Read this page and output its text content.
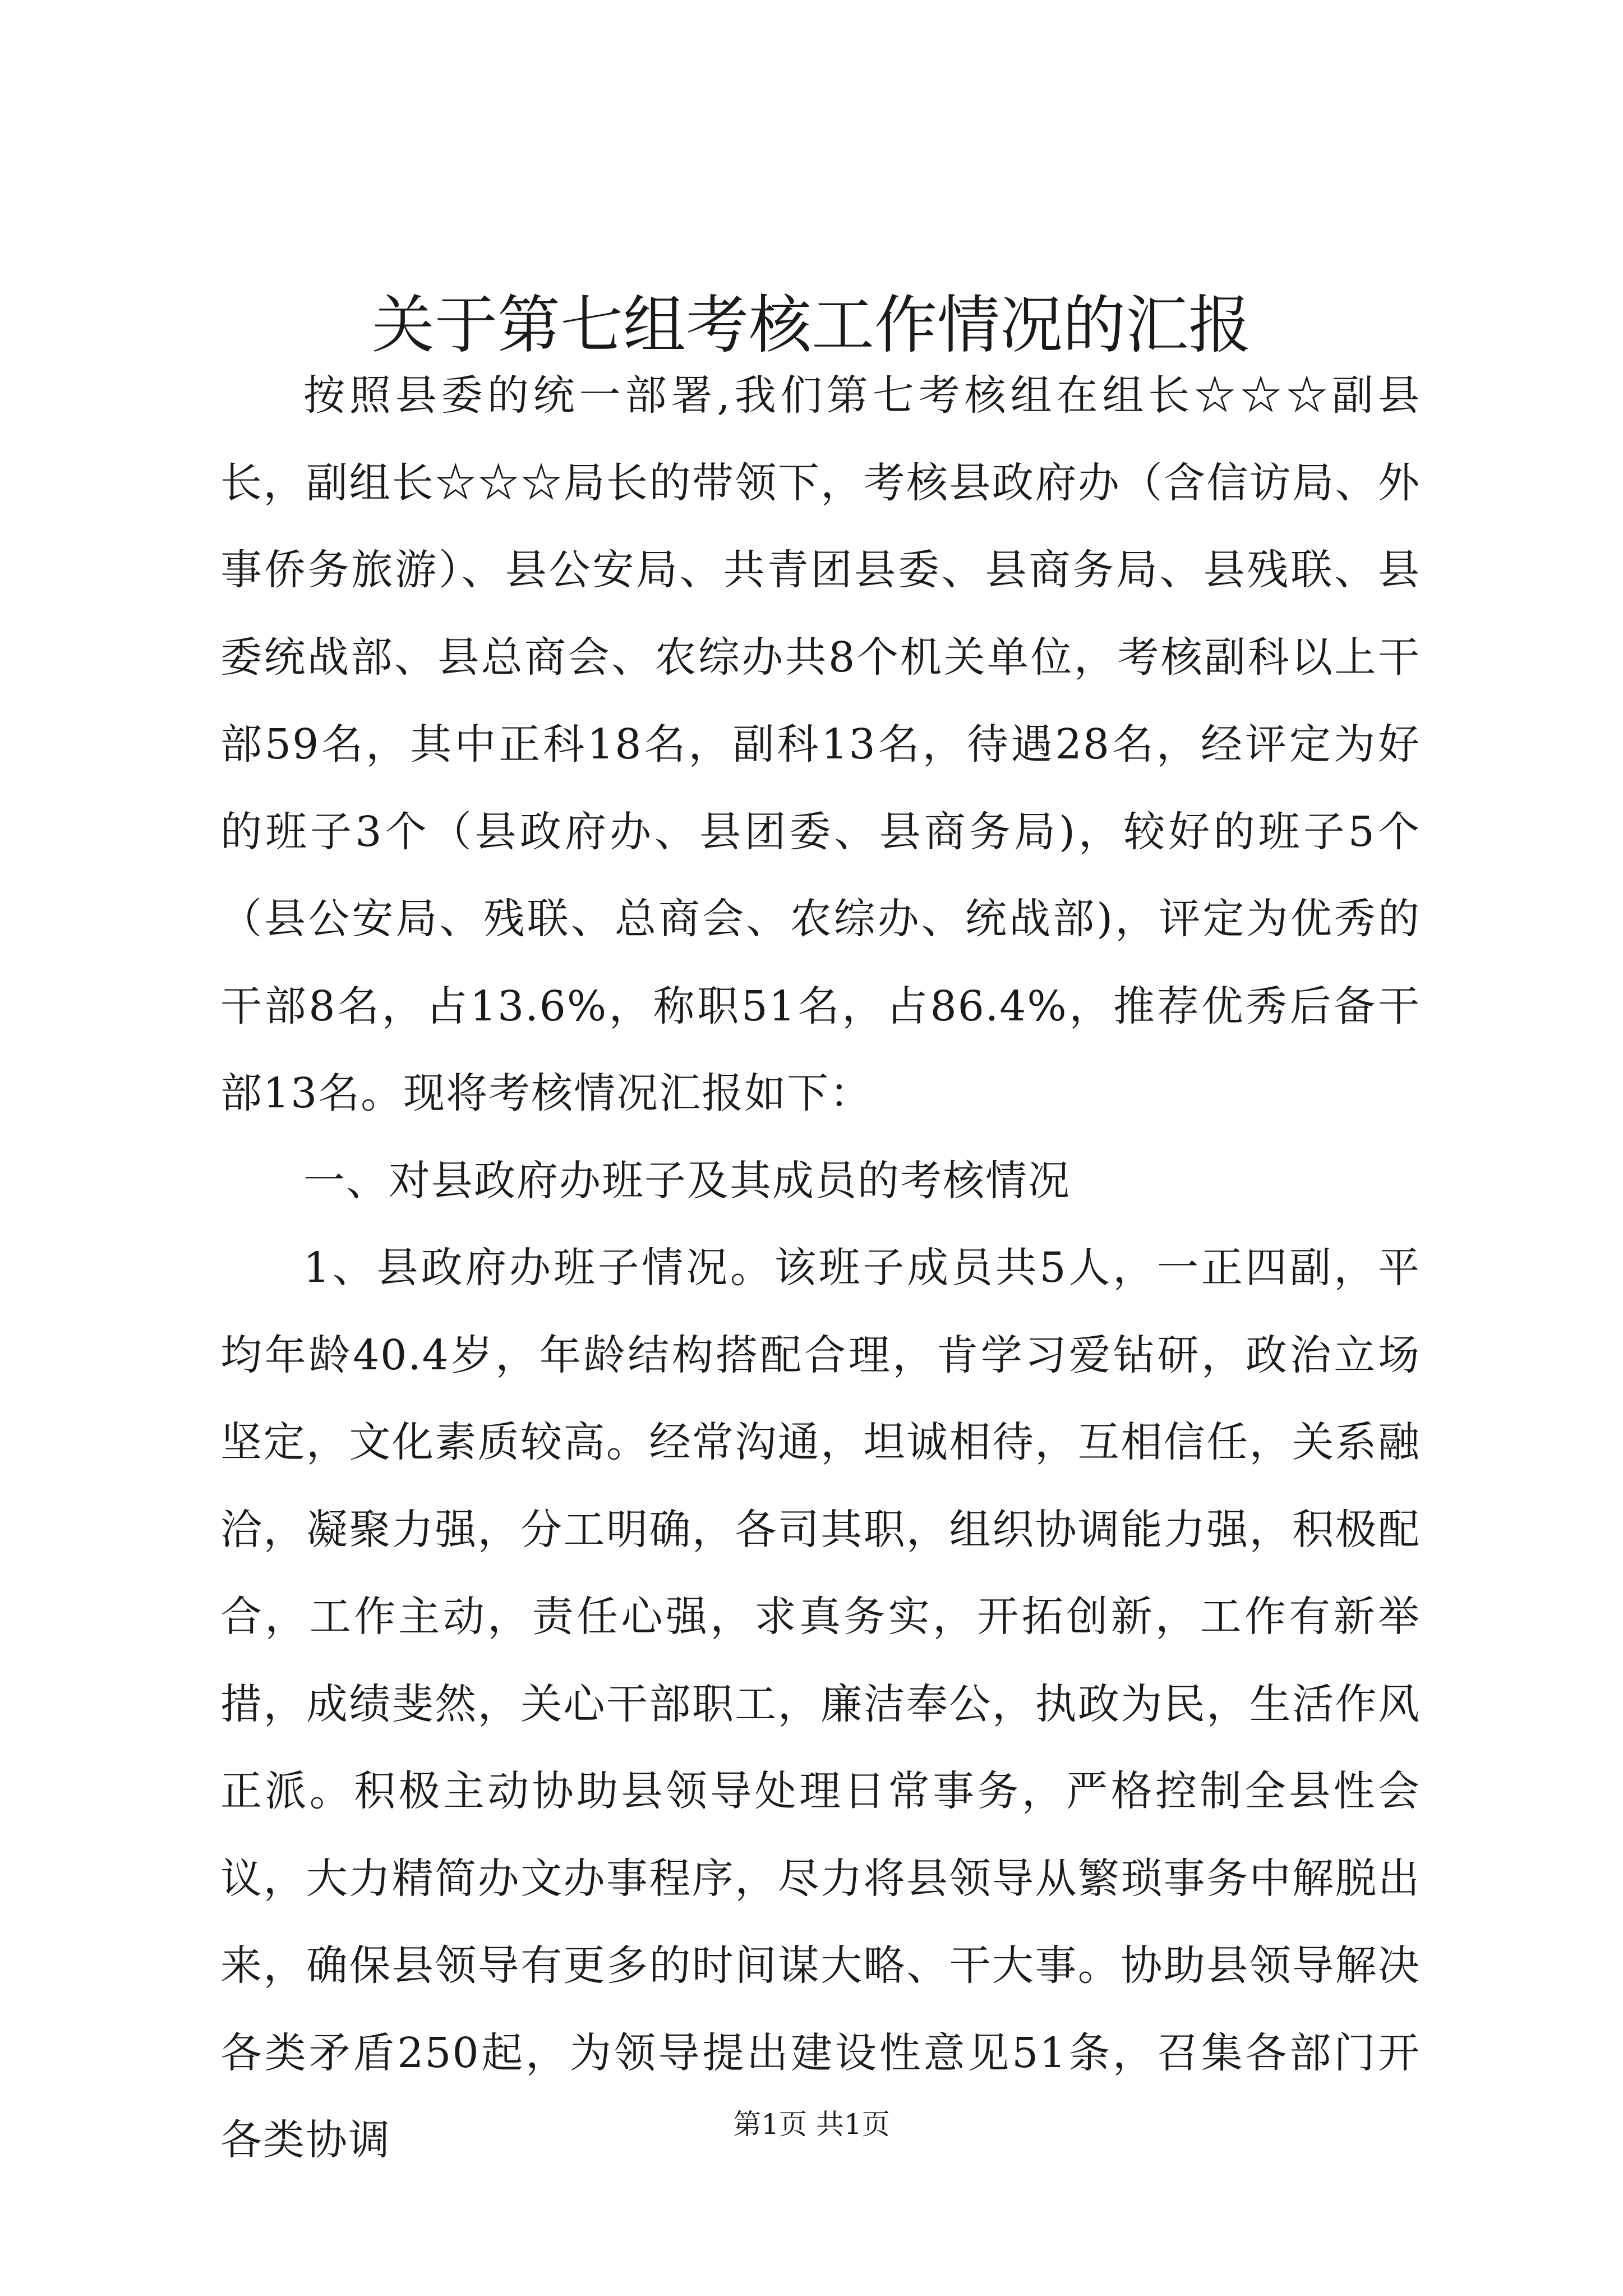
关于第七组考核工作情况的汇报

按照县委的统一部署,我们第七考核组在组长☆☆☆副县长，副组长☆☆☆局长的带领下，考核县政府办（含信访局、外事侨务旅游）、县公安局、共青团县委、县商务局、县残联、县委统战部、县总商会、农综办共8个机关单位，考核副科以上干部59名，其中正科18名，副科13名，待遇28名，经评定为好的班子3个（县政府办、县团委、县商务局)，较好的班子5个（县公安局、残联、总商会、农综办、统战部)，评定为优秀的干部8名，占13.6%，称职51名，占86.4%，推荐优秀后备干部13名。现将考核情况汇报如下：

一、对县政府办班子及其成员的考核情况

1、县政府办班子情况。该班子成员共5人，一正四副，平均年龄40.4岁，年龄结构搭配合理，肯学习爱钻研，政治立场坚定，文化素质较高。经常沟通，坦诚相待，互相信任，关系融洽，凝聚力强，分工明确，各司其职，组织协调能力强，积极配合，工作主动，责任心强，求真务实，开拓创新，工作有新举措，成绩斐然，关心干部职工，廉洁奉公，执政为民，生活作风正派。积极主动协助县领导处理日常事务，严格控制全县性会议，大力精简办文办事程序，尽力将县领导从繁琐事务中解脱出来，确保县领导有更多的时间谋大略、干大事。协助县领导解决各类矛盾250起，为领导提出建设性意见51条，召集各部门开各类协调	第1页 共1页
